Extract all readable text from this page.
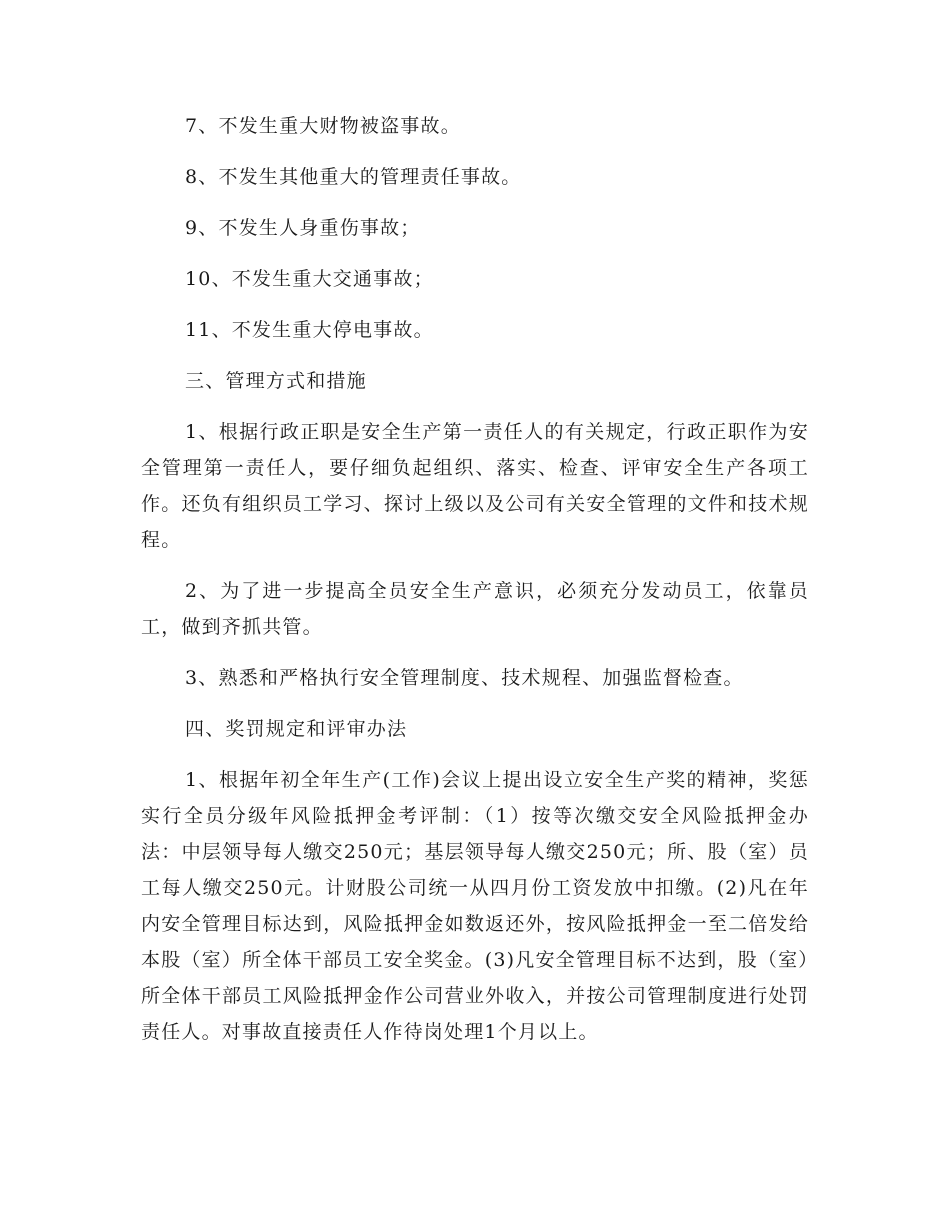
7、不发生重大财物被盗事故。

8、不发生其他重大的管理责任事故。

9、不发生人身重伤事故；

10、不发生重大交通事故；

11、不发生重大停电事故。

三、管理方式和措施

1、根据行政正职是安全生产第一责任人的有关规定，行政正职作为安全管理第一责任人，要仔细负起组织、落实、检查、评审安全生产各项工作。还负有组织员工学习、探讨上级以及公司有关安全管理的文件和技术规程。

2、为了进一步提高全员安全生产意识，必须充分发动员工，依靠员工，做到齐抓共管。

3、熟悉和严格执行安全管理制度、技术规程、加强监督检查。

四、奖罚规定和评审办法

1、根据年初全年生产(工作)会议上提出设立安全生产奖的精神，奖惩实行全员分级年风险抵押金考评制：（1）按等次缴交安全风险抵押金办法：中层领导每人缴交250元；基层领导每人缴交250元；所、股（室）员工每人缴交250元。计财股公司统一从四月份工资发放中扣缴。(2)凡在年内安全管理目标达到，风险抵押金如数返还外，按风险抵押金一至二倍发给本股（室）所全体干部员工安全奖金。(3)凡安全管理目标不达到，股（室）所全体干部员工风险抵押金作公司营业外收入，并按公司管理制度进行处罚责任人。对事故直接责任人作待岗处理1个月以上。
